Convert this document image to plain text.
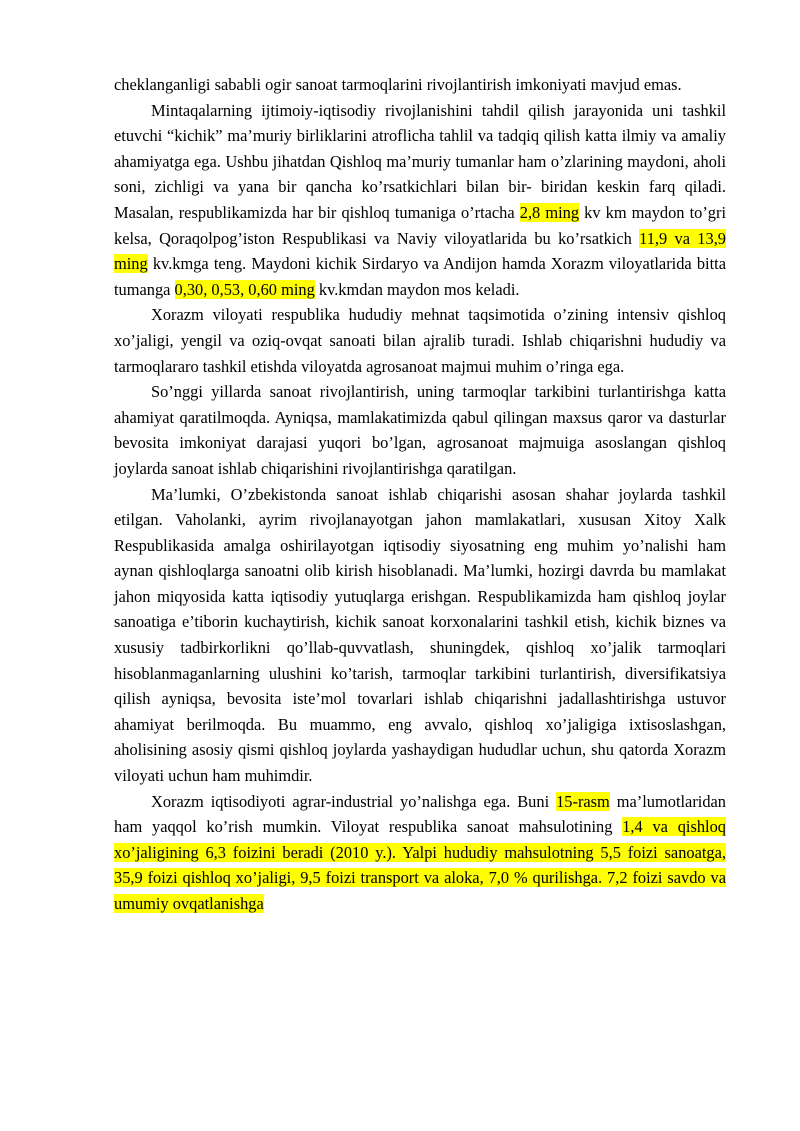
cheklanganligi sababli ogir sanoat tarmoqlarini rivojlantirish imkoniyati mavjud emas.

Mintaqalarning ijtimoiy-iqtisodiy rivojlanishini tahdil qilish jarayonida uni tashkil etuvchi “kichik” ma’muriy birliklarini atroflicha tahlil va tadqiq qilish katta ilmiy va amaliy ahamiyatga ega. Ushbu jihatdan Qishloq ma’muriy tumanlar ham o’zlarining maydoni, aholi soni, zichligi va yana bir qancha ko’rsatkichlari bilan bir- biridan keskin farq qiladi. Masalan, respublikamizda har bir qishloq tumaniga o’rtacha 2,8 ming kv km maydon to’gri kelsa, Qoraqolpog’iston Respublikasi va Naviy viloyatlarida bu ko’rsatkich 11,9 va 13,9 ming kv.kmga teng. Maydoni kichik Sirdaryo va Andijon hamda Xorazm viloyatlarida bitta tumanga 0,30, 0,53, 0,60 ming kv.kmdan maydon mos keladi.

Xorazm viloyati respublika hududiy mehnat taqsimotida o’zining intensiv qishloq xo’jaligi, yengil va oziq-ovqat sanoati bilan ajralib turadi. Ishlab chiqarishni hududiy va tarmoqlararo tashkil etishda viloyatda agrosanoat majmui muhim o’ringa ega.

So’nggi yillarda sanoat rivojlantirish, uning tarmoqlar tarkibini turlantirishga katta ahamiyat qaratilmoqda. Ayniqsa, mamlakatimizda qabul qilingan maxsus qaror va dasturlar bevosita imkoniyat darajasi yuqori bo’lgan, agrosanoat majmuiga asoslangan qishloq joylarda sanoat ishlab chiqarishini rivojlantirishga qaratilgan.

Ma’lumki, O’zbekistonda sanoat ishlab chiqarishi asosan shahar joylarda tashkil etilgan. Vaholanki, ayrim rivojlanayotgan jahon mamlakatlari, xususan Xitoy Xalk Respublikasida amalga oshirilayotgan iqtisodiy siyosatning eng muhim yo’nalishi ham aynan qishloqlarga sanoatni olib kirish hisoblanadi. Ma’lumki, hozirgi davrda bu mamlakat jahon miqyosida katta iqtisodiy yutuqlarga erishgan. Respublikamizda ham qishloq joylar sanoatiga e’tiborin kuchaytirish, kichik sanoat korxonalarini tashkil etish, kichik biznes va xususiy tadbirkorlikni qo’llab-quvvatlash, shuningdek, qishloq xo’jalik tarmoqlari hisoblanmaganlarning ulushini ko’tarish, tarmoqlar tarkibini turlantirish, diversifikatsiya qilish ayniqsa, bevosita iste’mol tovarlari ishlab chiqarishni jadallashtirishga ustuvor ahamiyat berilmoqda. Bu muammo, eng avvalo, qishloq xo’jaligiga ixtisoslashgan, aholisining asosiy qismi qishloq joylarda yashaydigan hududlar uchun, shu qatorda Xorazm viloyati uchun ham muhimdir.

Xorazm iqtisodiyoti agrar-industrial yo’nalishga ega. Buni 15-rasm ma’lumotlaridan ham yaqqol ko’rish mumkin. Viloyat respublika sanoat mahsulotining 1,4 va qishloq xo’jaligining 6,3 foizini beradi (2010 y.). Yalpi hududiy mahsulotning 5,5 foizi sanoatga, 35,9 foizi qishloq xo’jaligi, 9,5 foizi transport va aloka, 7,0 % qurilishga. 7,2 foizi savdo va umumiy ovqatlanishga
